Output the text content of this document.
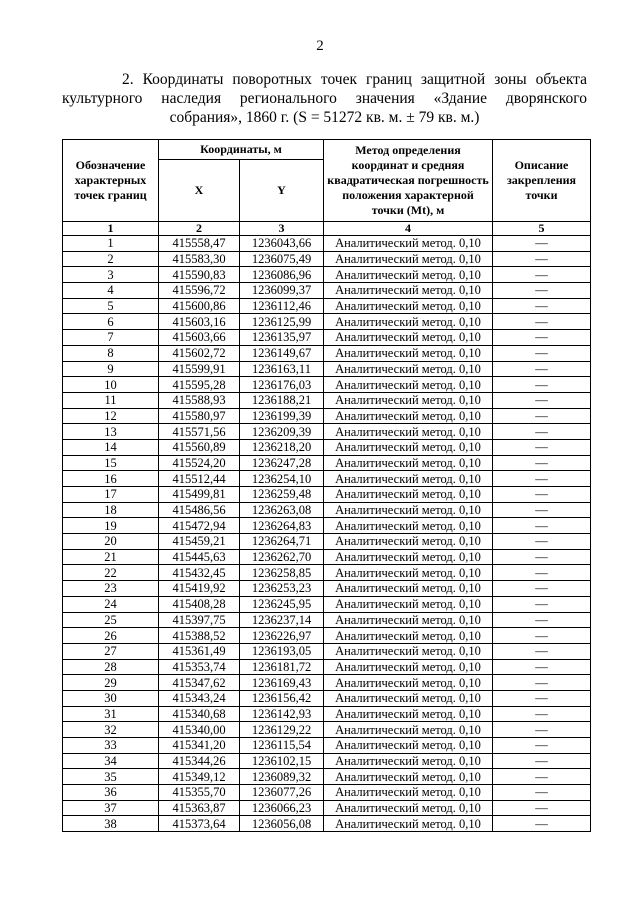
2
2. Координаты поворотных точек границ защитной зоны объекта культурного наследия регионального значения «Здание дворянского собрания», 1860 г. (S = 51272 кв. м. ± 79 кв. м.)
Обозначение характерных точек границ	Координаты, м		Метод определения координат и средняя квадратическая погрешность положения характерной точки (Mt), м	Описание закрепления точки
	X	Y		
1	2	3	4	5
1	415558,47	1236043,66	Аналитический метод. 0,10	—
2	415583,30	1236075,49	Аналитический метод. 0,10	—
3	415590,83	1236086,96	Аналитический метод. 0,10	—
4	415596,72	1236099,37	Аналитический метод. 0,10	—
5	415600,86	1236112,46	Аналитический метод. 0,10	—
6	415603,16	1236125,99	Аналитический метод. 0,10	—
7	415603,66	1236135,97	Аналитический метод. 0,10	—
8	415602,72	1236149,67	Аналитический метод. 0,10	—
9	415599,91	1236163,11	Аналитический метод. 0,10	—
10	415595,28	1236176,03	Аналитический метод. 0,10	—
11	415588,93	1236188,21	Аналитический метод. 0,10	—
12	415580,97	1236199,39	Аналитический метод. 0,10	—
13	415571,56	1236209,39	Аналитический метод. 0,10	—
14	415560,89	1236218,20	Аналитический метод. 0,10	—
15	415524,20	1236247,28	Аналитический метод. 0,10	—
16	415512,44	1236254,10	Аналитический метод. 0,10	—
17	415499,81	1236259,48	Аналитический метод. 0,10	—
18	415486,56	1236263,08	Аналитический метод. 0,10	—
19	415472,94	1236264,83	Аналитический метод. 0,10	—
20	415459,21	1236264,71	Аналитический метод. 0,10	—
21	415445,63	1236262,70	Аналитический метод. 0,10	—
22	415432,45	1236258,85	Аналитический метод. 0,10	—
23	415419,92	1236253,23	Аналитический метод. 0,10	—
24	415408,28	1236245,95	Аналитический метод. 0,10	—
25	415397,75	1236237,14	Аналитический метод. 0,10	—
26	415388,52	1236226,97	Аналитический метод. 0,10	—
27	415361,49	1236193,05	Аналитический метод. 0,10	—
28	415353,74	1236181,72	Аналитический метод. 0,10	—
29	415347,62	1236169,43	Аналитический метод. 0,10	—
30	415343,24	1236156,42	Аналитический метод. 0,10	—
31	415340,68	1236142,93	Аналитический метод. 0,10	—
32	415340,00	1236129,22	Аналитический метод. 0,10	—
33	415341,20	1236115,54	Аналитический метод. 0,10	—
34	415344,26	1236102,15	Аналитический метод. 0,10	—
35	415349,12	1236089,32	Аналитический метод. 0,10	—
36	415355,70	1236077,26	Аналитический метод. 0,10	—
37	415363,87	1236066,23	Аналитический метод. 0,10	—
38	415373,64	1236056,08	Аналитический метод. 0,10	—
